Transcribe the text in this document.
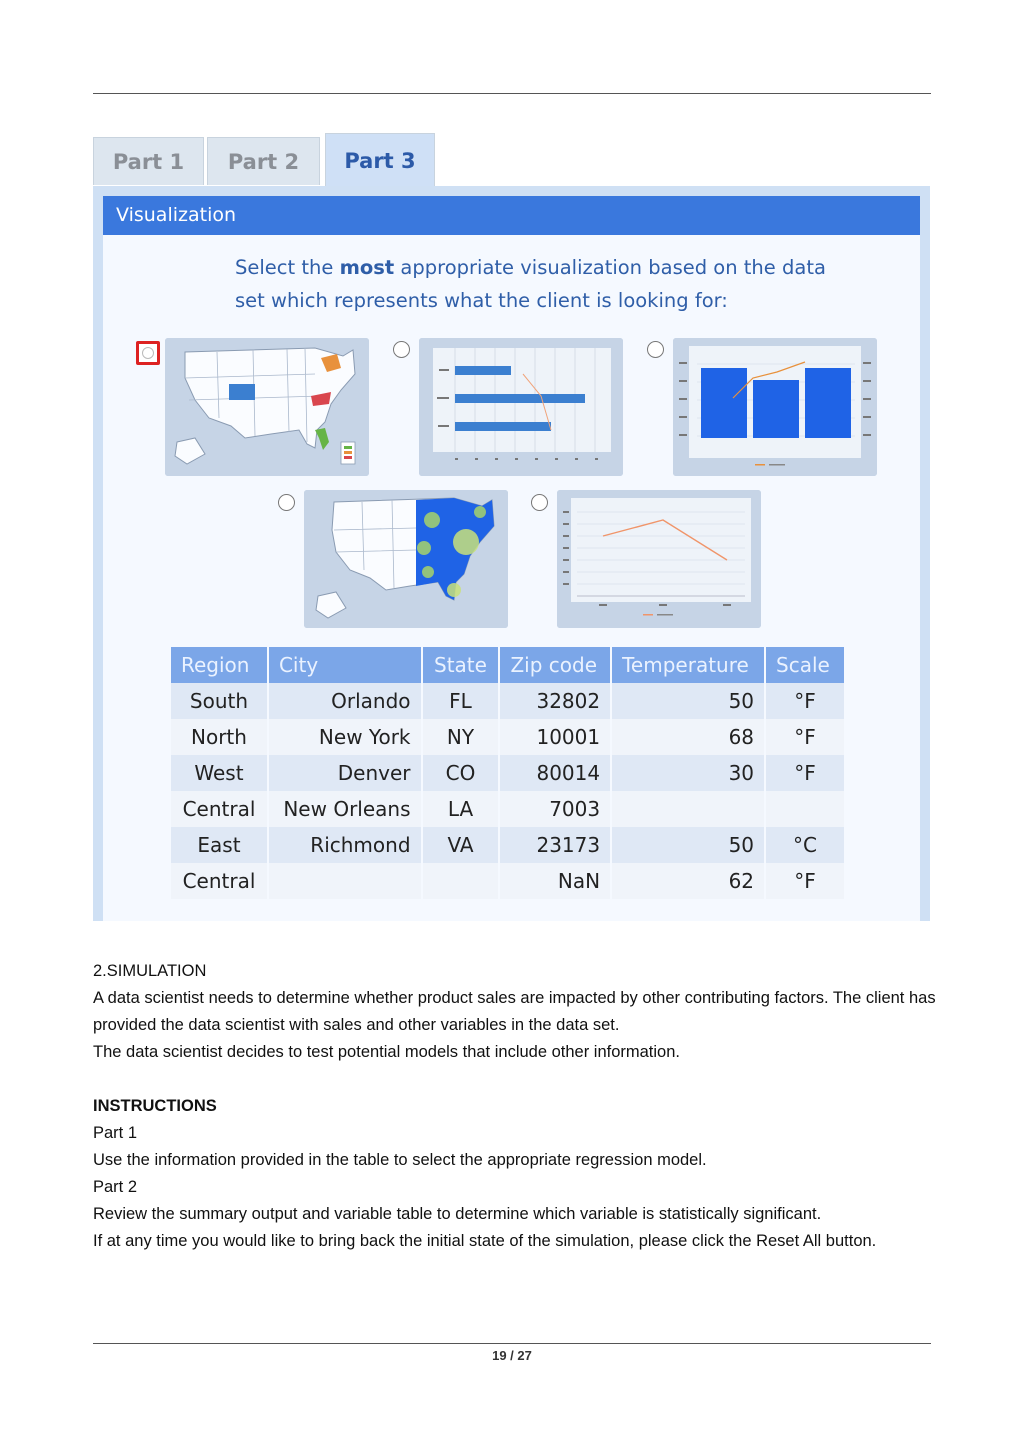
Part 1	Part 2	Part 3
Visualization
Select the most appropriate visualization based on the data set which represents what the client is looking for:
Region	City	State	Zip code	Temperature	Scale
South	Orlando	FL	32802	50	°F
North	New York	NY	10001	68	°F
West	Denver	CO	80014	30	°F
Central	New Orleans	LA	7003		
East	Richmond	VA	23173	50	°C
Central			NaN	62	°F

2.SIMULATION

A data scientist needs to determine whether product sales are impacted by other contributing factors. The client has provided the data scientist with sales and other variables in the data set.

The data scientist decides to test potential models that include other information.

INSTRUCTIONS

Part 1

Use the information provided in the table to select the appropriate regression model.

Part 2

Review the summary output and variable table to determine which variable is statistically significant.

If at any time you would like to bring back the initial state of the simulation, please click the Reset All button.

19 / 27
